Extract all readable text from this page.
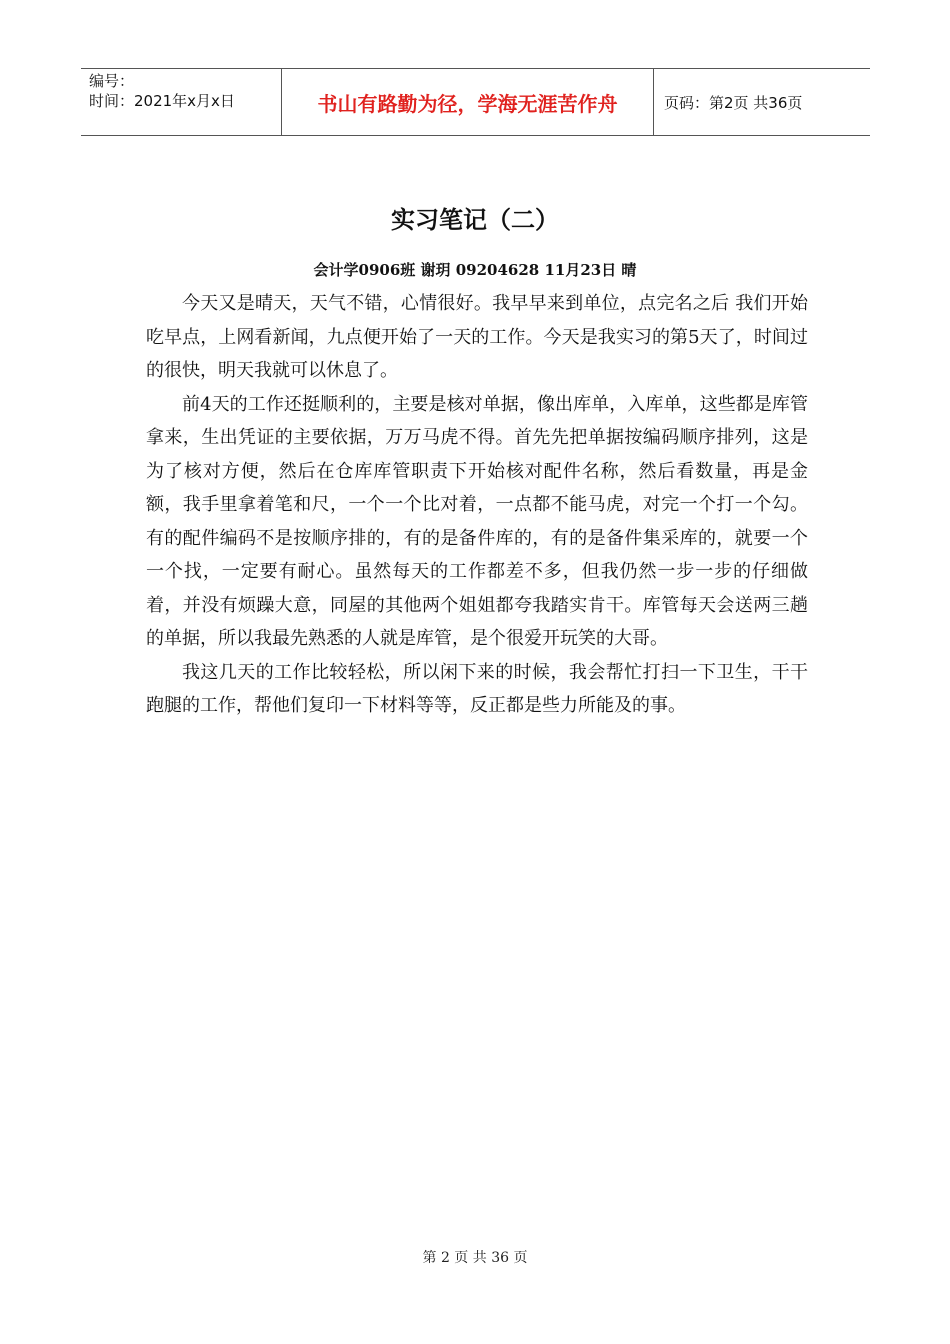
编号：
时间：2021年x月x日	书山有路勤为径，学海无涯苦作舟	页码：第2页 共36页
实习笔记（二）
会计学0906班 谢玥 09204628 11月23日 晴

今天又是晴天，天气不错，心情很好。我早早来到单位，点完名之后 我们开始吃早点，上网看新闻，九点便开始了一天的工作。今天是我实习的第5天了，时间过的很快，明天我就可以休息了。

前4天的工作还挺顺利的，主要是核对单据，像出库单，入库单，这些都是库管拿来，生出凭证的主要依据，万万马虎不得。首先先把单据按编码顺序排列，这是为了核对方便，然后在仓库库管职责下开始核对配件名称，然后看数量，再是金额，我手里拿着笔和尺，一个一个比对着，一点都不能马虎，对完一个打一个勾。有的配件编码不是按顺序排的，有的是备件库的，有的是备件集采库的，就要一个一个找，一定要有耐心。虽然每天的工作都差不多，但我仍然一步一步的仔细做着，并没有烦躁大意，同屋的其他两个姐姐都夸我踏实肯干。库管每天会送两三趟的单据，所以我最先熟悉的人就是库管，是个很爱开玩笑的大哥。

我这几天的工作比较轻松，所以闲下来的时候，我会帮忙打扫一下卫生，干干跑腿的工作，帮他们复印一下材料等等，反正都是些力所能及的事。

第 2 页 共 36 页
